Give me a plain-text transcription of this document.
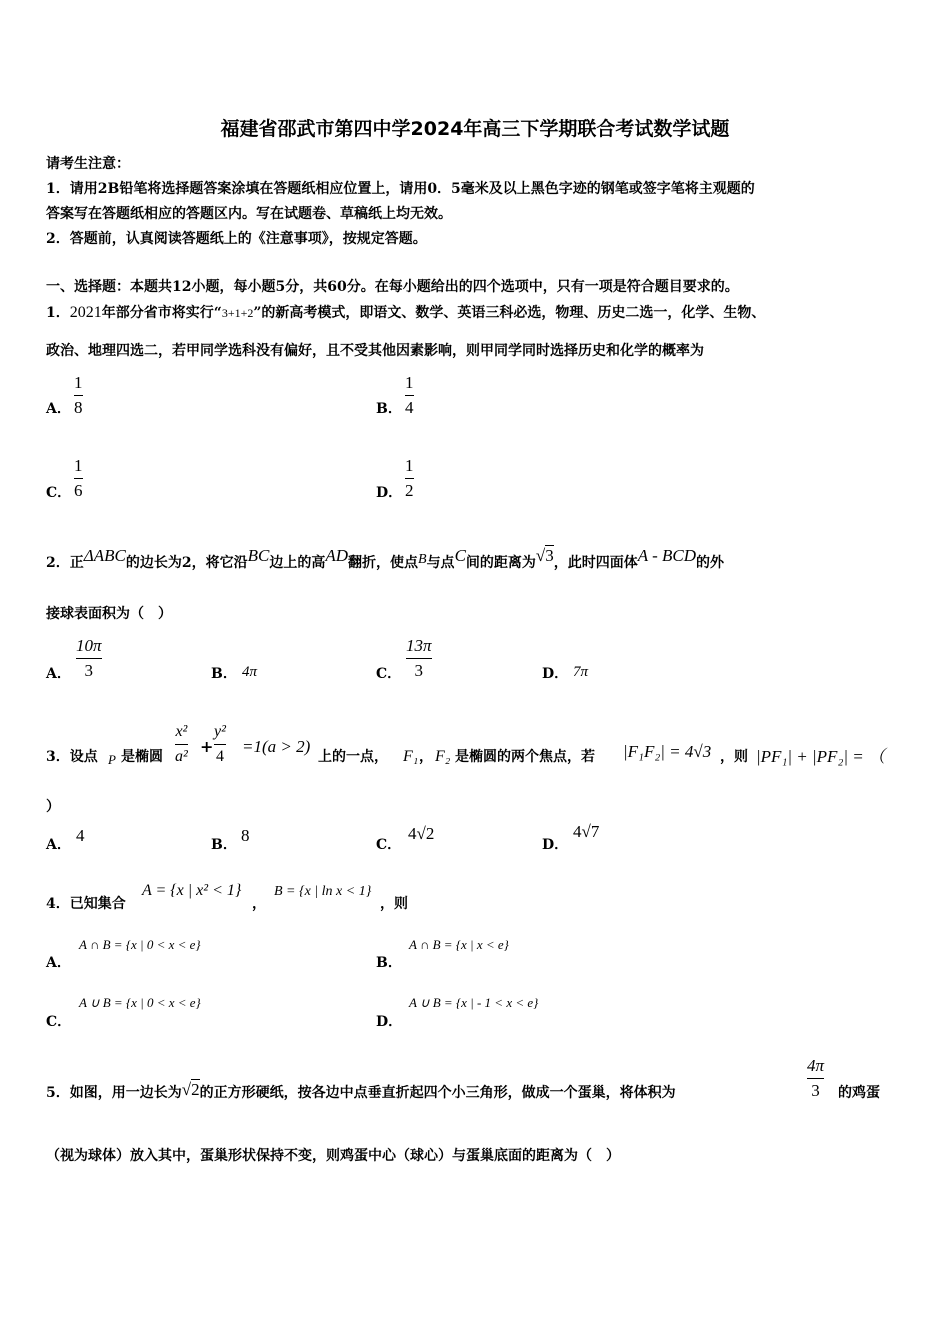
福建省邵武市第四中学2024年高三下学期联合考试数学试题
请考生注意：
1．请用2B铅笔将选择题答案涂填在答题纸相应位置上，请用0．5毫米及以上黑色字迹的钢笔或签字笔将主观题的
答案写在答题纸相应的答题区内。写在试题卷、草稿纸上均无效。
2．答题前，认真阅读答题纸上的《注意事项》，按规定答题。
一、选择题：本题共12小题，每小题5分，共60分。在每小题给出的四个选项中，只有一项是符合题目要求的。
1．2021年部分省市将实行“3+1+2”的新高考模式，即语文、数学、英语三科必选，物理、历史二选一，化学、生物、
政治、地理四选二，若甲同学选科没有偏好，且不受其他因素影响，则甲同学同时选择历史和化学的概率为
A．
1
8	B．
1
4
C．
1
6	D．
1
2
2．正ΔABC的边长为2，将它沿BC边上的高AD翻折，使点B与点C间的距离为√3，此时四面体A - BCD的外
接球表面积为（　）
A．
10π
3	B． 4π	C．
13π
3	D． 7π
3．设点 P 是椭圆
x²
a²
+
y²
4
=1(a > 2)
上的一点， F₁ ， F₂ 是椭圆的两个焦点，若 |F₁F₂| = 4√3 ，则 |PF₁| + |PF₂| = （
）
A． 4	B． 8	C．
4√2
D．
4√7
4．已知集合
A = {x | x² < 1}
，
B = {x | ln x < 1}
，则
A．
A ∩ B = {x | 0 < x < e}
B．
A ∩ B = {x | x < e}
C．
A ∪ B = {x | 0 < x < e}
D．
A ∪ B = {x | - 1 < x < e}
5．如图，用一边长为√2的正方形硬纸，按各边中点垂直折起四个小三角形，做成一个蛋巢，将体积为
4π
3	的鸡蛋
（视为球体）放入其中，蛋巢形状保持不变，则鸡蛋中心（球心）与蛋巢底面的距离为（　）
